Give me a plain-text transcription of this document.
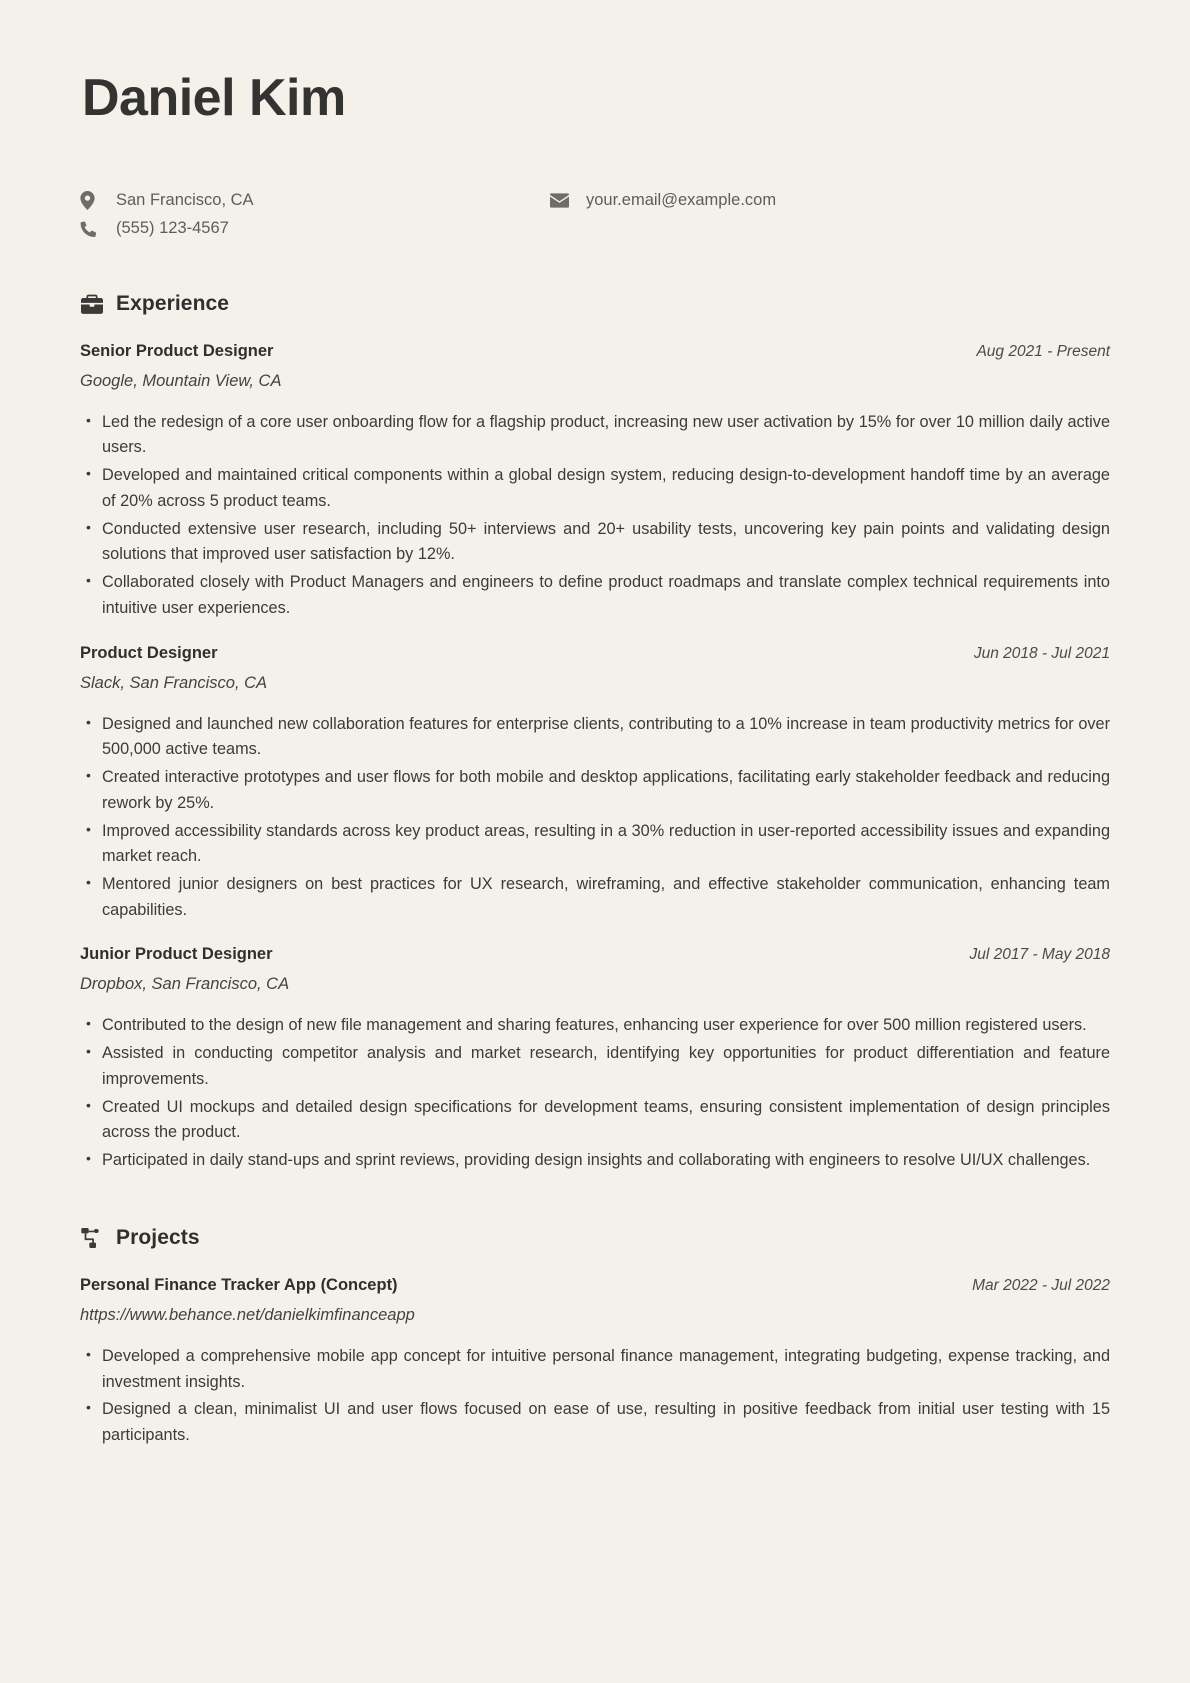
Daniel Kim
San Francisco, CA
(555) 123-4567
your.email@example.com
Experience
Senior Product Designer	Aug 2021 - Present
Google, Mountain View, CA
• Led the redesign of a core user onboarding flow for a flagship product, increasing new user activation by 15% for over 10 million daily active users.
• Developed and maintained critical components within a global design system, reducing design-to-development handoff time by an average of 20% across 5 product teams.
• Conducted extensive user research, including 50+ interviews and 20+ usability tests, uncovering key pain points and validating design solutions that improved user satisfaction by 12%.
• Collaborated closely with Product Managers and engineers to define product roadmaps and translate complex technical requirements into intuitive user experiences.
Product Designer	Jun 2018 - Jul 2021
Slack, San Francisco, CA
• Designed and launched new collaboration features for enterprise clients, contributing to a 10% increase in team productivity metrics for over 500,000 active teams.
• Created interactive prototypes and user flows for both mobile and desktop applications, facilitating early stakeholder feedback and reducing rework by 25%.
• Improved accessibility standards across key product areas, resulting in a 30% reduction in user-reported accessibility issues and expanding market reach.
• Mentored junior designers on best practices for UX research, wireframing, and effective stakeholder communication, enhancing team capabilities.
Junior Product Designer	Jul 2017 - May 2018
Dropbox, San Francisco, CA
• Contributed to the design of new file management and sharing features, enhancing user experience for over 500 million registered users.
• Assisted in conducting competitor analysis and market research, identifying key opportunities for product differentiation and feature improvements.
• Created UI mockups and detailed design specifications for development teams, ensuring consistent implementation of design principles across the product.
• Participated in daily stand-ups and sprint reviews, providing design insights and collaborating with engineers to resolve UI/UX challenges.
Projects
Personal Finance Tracker App (Concept)	Mar 2022 - Jul 2022
https://www.behance.net/danielkimfinanceapp
• Developed a comprehensive mobile app concept for intuitive personal finance management, integrating budgeting, expense tracking, and investment insights.
• Designed a clean, minimalist UI and user flows focused on ease of use, resulting in positive feedback from initial user testing with 15 participants.
